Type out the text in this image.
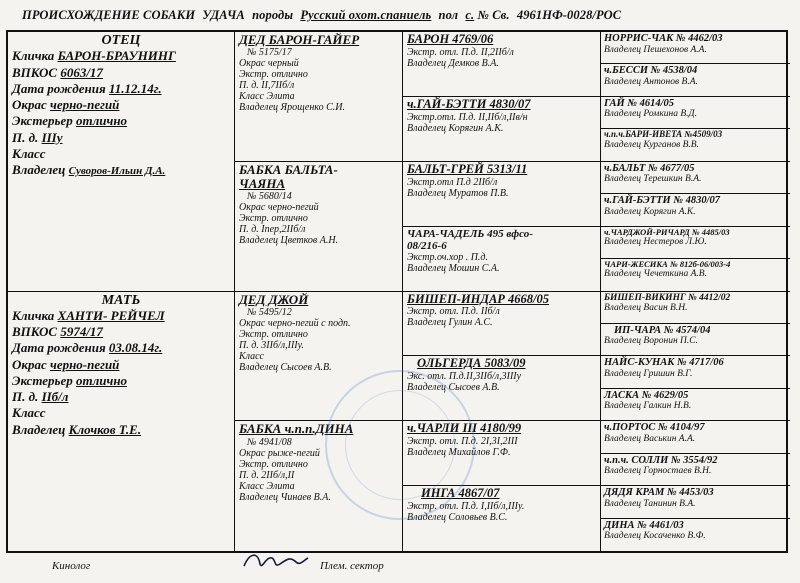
ПРОИСХОЖДЕНИЕ СОБАКИ УДАЧА породы Русский охот.спаниель пол с. № Св. 4961НФ-0028/РОС
ОТЕЦ
Кличка БАРОН-БРАУНИНГ
ВПКОС 6063/17
Дата рождения 11.12.14г.
Окрас черно-пегий
Экстерьер отлично
П. д. IIIу
Класс
Владелец Суворов-Ильин Д.А.
МАТЬ
Кличка ХАНТИ- РЕЙЧЕЛ
ВПКОС 5974/17
Дата рождения 03.08.14г.
Окрас черно-пегий
Экстерьер отлично
П. д. IIб/л
Класс
Владелец Клочков Т.Е.
ДЕД БАРОН-ГАЙЕР
№ 5175/17
Окрас черный
Экстр. отлично
П. д. II,7IIб/л
Класс Элита
Владелец Ярощенко С.И.
БАБКА БАЛЬТА-
ЧАЯНА
№ 5680/14
Окрас черно-пегий
Экстр. отлично
П. д. Iпер,2IIб/л
Владелец Цветков А.Н.
ДЕД ДЖОЙ
№ 5495/12
Окрас черно-пегий с подп.
Экстр. отлично
П. д. 3IIб/л,IIIу.
Класс
Владелец Сысоев А.В.
БАБКА ч.п.п.ДИНА
№ 4941/08
Окрас рыже-пегий
Экстр. отлично
П. д. 2IIб/л,II
Класс Элита
Владелец Чинаев В.А.
БАРОН 4769/06
Экстр. отл. П.д. II,2IIб/л
Владелец Демков В.А.
ч.ГАЙ-БЭТТИ 4830/07
Экстр.отл. П.д. II,IIб/л,IIв/н
Владелец Корягин А.К.
БАЛЬТ-ГРЕЙ 5313/11
Экстр.отл П.д 2IIб/л
Владелец Муратов П.В.
ЧАРА-ЧАДЕЛЬ 495 вфсо-
08/216-6
Экстр.оч.хор . П.д.
Владелец Мошин С.А.
БИШЕП-ИНДАР 4668/05
Экстр. отл. П.д. IIб/л
Владелец Гулин А.С.
ОЛЬГЕРДА 5083/09
Экс. отл. П.д.II,3IIб/л,3IIIу
Владелец Сысоев А.В.
ч.ЧАРЛИ III 4180/99
Экстр. отл. П.д. 2I,3I,2III
Владелец Михайлов Г.Ф.
ИНГА 4867/07
Экстр. отл. П.д. I,IIб/л,IIIу.
Владелец Соловьев В.С.
НОРРИС-ЧАК № 4462/03
Владелец Пешехонов А.А.
ч.БЕССИ № 4538/04
Владелец Антонов В.А.
ГАЙ № 4614/05
Владелец Ромкина В.Д.
ч.п.ч.БАРИ-ИВЕТА №4509/03
Владелец Курганов В.В.
ч.БАЛЬТ № 4677/05
Владелец Терешкин В.А.
ч.ГАЙ-БЭТТИ № 4830/07
Владелец Корягин А.К.
ч.ЧАРДЖОЙ-РИЧАРД № 4485/03
Владелец Нестеров Л.Ю.
ЧАРИ-ЖЕСИКА № 812б-06/003-4
Владелец Чечеткина А.В.
БИШЕП-ВИКИНГ № 4412/02
Владелец Васин В.Н.
ИП-ЧАРА № 4574/04
Владелец Воронин П.С.
НАЙС-КУНАК № 4717/06
Владелец Гришин В.Г.
ЛАСКА № 4629/05
Владелец Галкин Н.В.
ч.ПОРТОС № 4104/97
Владелец Васькин А.А.
ч.п.ч. СОЛЛИ № 3554/92
Владелец Горностаев В.Н.
ДЯДЯ КРАМ № 4453/03
Владелец Танинин В.А.
ДИНА № 4461/03
Владелец Косаченко В.Ф.
Кинолог	Плем. сектор
